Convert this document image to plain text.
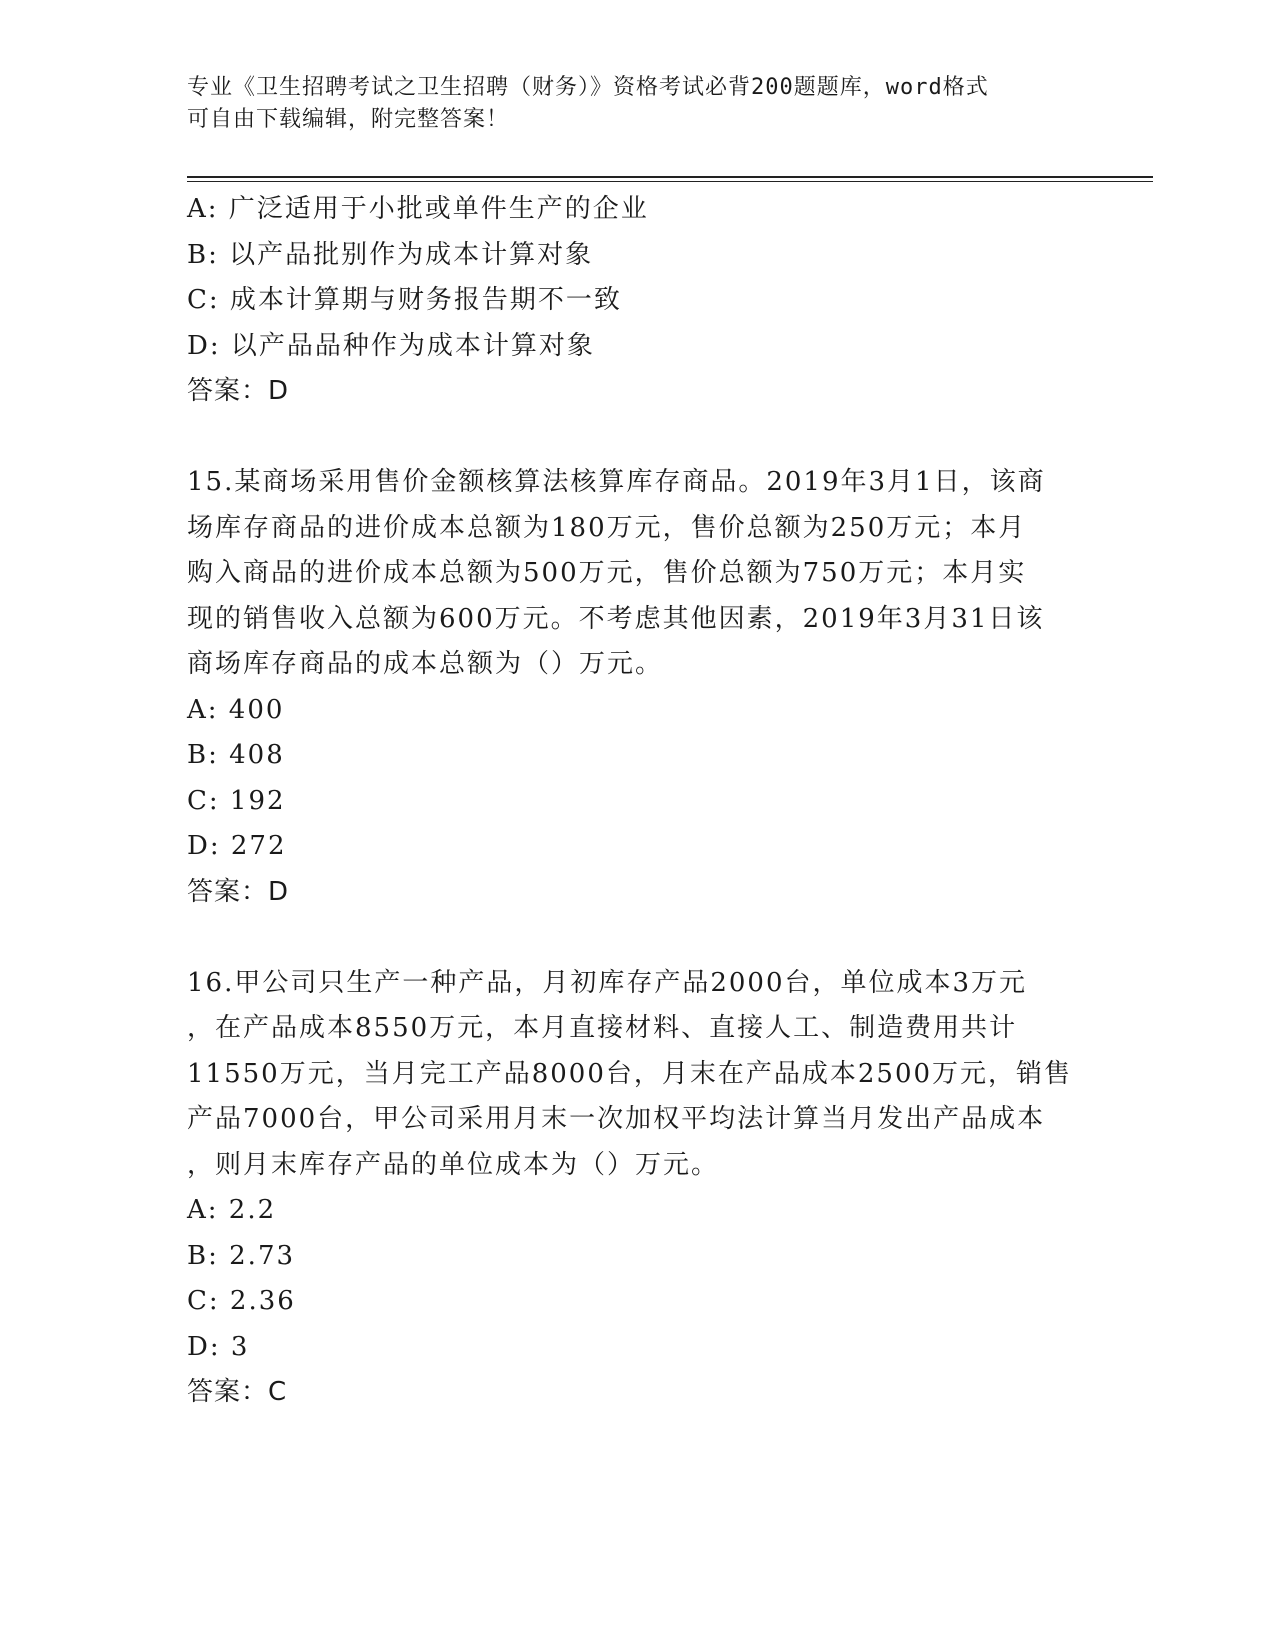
专业《卫生招聘考试之卫生招聘（财务）》资格考试必背200题题库，word格式
可自由下载编辑，附完整答案！
A: 广泛适用于小批或单件生产的企业
B: 以产品批别作为成本计算对象
C: 成本计算期与财务报告期不一致
D: 以产品品种作为成本计算对象
答案：D
15.某商场采用售价金额核算法核算库存商品。2019年3月1日，该商
场库存商品的进价成本总额为180万元，售价总额为250万元；本月
购入商品的进价成本总额为500万元，售价总额为750万元；本月实
现的销售收入总额为600万元。不考虑其他因素，2019年3月31日该
商场库存商品的成本总额为（）万元。
A: 400
B: 408
C: 192
D: 272
答案：D
16.甲公司只生产一种产品，月初库存产品2000台，单位成本3万元
，在产品成本8550万元，本月直接材料、直接人工、制造费用共计
11550万元，当月完工产品8000台，月末在产品成本2500万元，销售
产品7000台，甲公司采用月末一次加权平均法计算当月发出产品成本
，则月末库存产品的单位成本为（）万元。
A: 2.2
B: 2.73
C: 2.36
D: 3
答案：C
